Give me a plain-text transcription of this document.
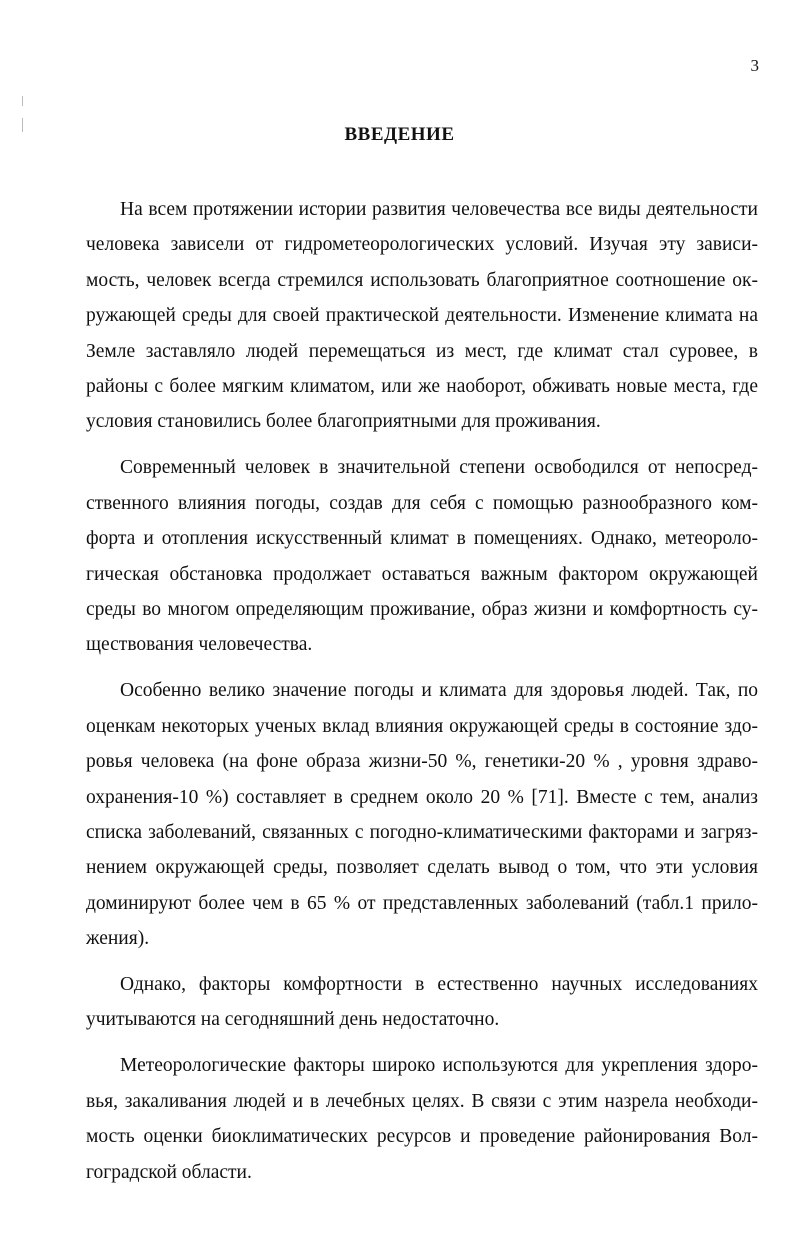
3
ВВЕДЕНИЕ

На всем протяжении истории развития человечества все виды деятельности человека зависели от гидрометеорологических условий. Изучая эту зависимость, человек всегда стремился использовать благоприятное соотношение окружающей среды для своей практической деятельности. Изменение климата на Земле заставляло людей перемещаться из мест, где климат стал суровее, в районы с более мягким климатом, или же наоборот, обживать новые места, где условия становились более благоприятными для проживания.

Современный человек в значительной степени освободился от непосредственного влияния погоды, создав для себя с помощью разнообразного комфорта и отопления искусственный климат в помещениях. Однако, метеорологическая обстановка продолжает оставаться важным фактором окружающей среды во многом определяющим проживание, образ жизни и комфортность существования человечества.

Особенно велико значение погоды и климата для здоровья людей. Так, по оценкам некоторых ученых вклад влияния окружающей среды в состояние здоровья человека (на фоне образа жизни-50 %, генетики-20 % , уровня здравоохранения-10 %) составляет в среднем около 20 % [71]. Вместе с тем, анализ списка заболеваний, связанных с погодно-климатическими факторами и загрязнением окружающей среды, позволяет сделать вывод о том, что эти условия доминируют более чем в 65 % от представленных заболеваний (табл.1 приложения).

Однако, факторы комфортности в естественно научных исследованиях учитываются на сегодняшний день недостаточно.

Метеорологические факторы широко используются для укрепления здоровья, закаливания людей и в лечебных целях. В связи с этим назрела необходимость оценки биоклиматических ресурсов и проведение районирования Волгоградской области.
